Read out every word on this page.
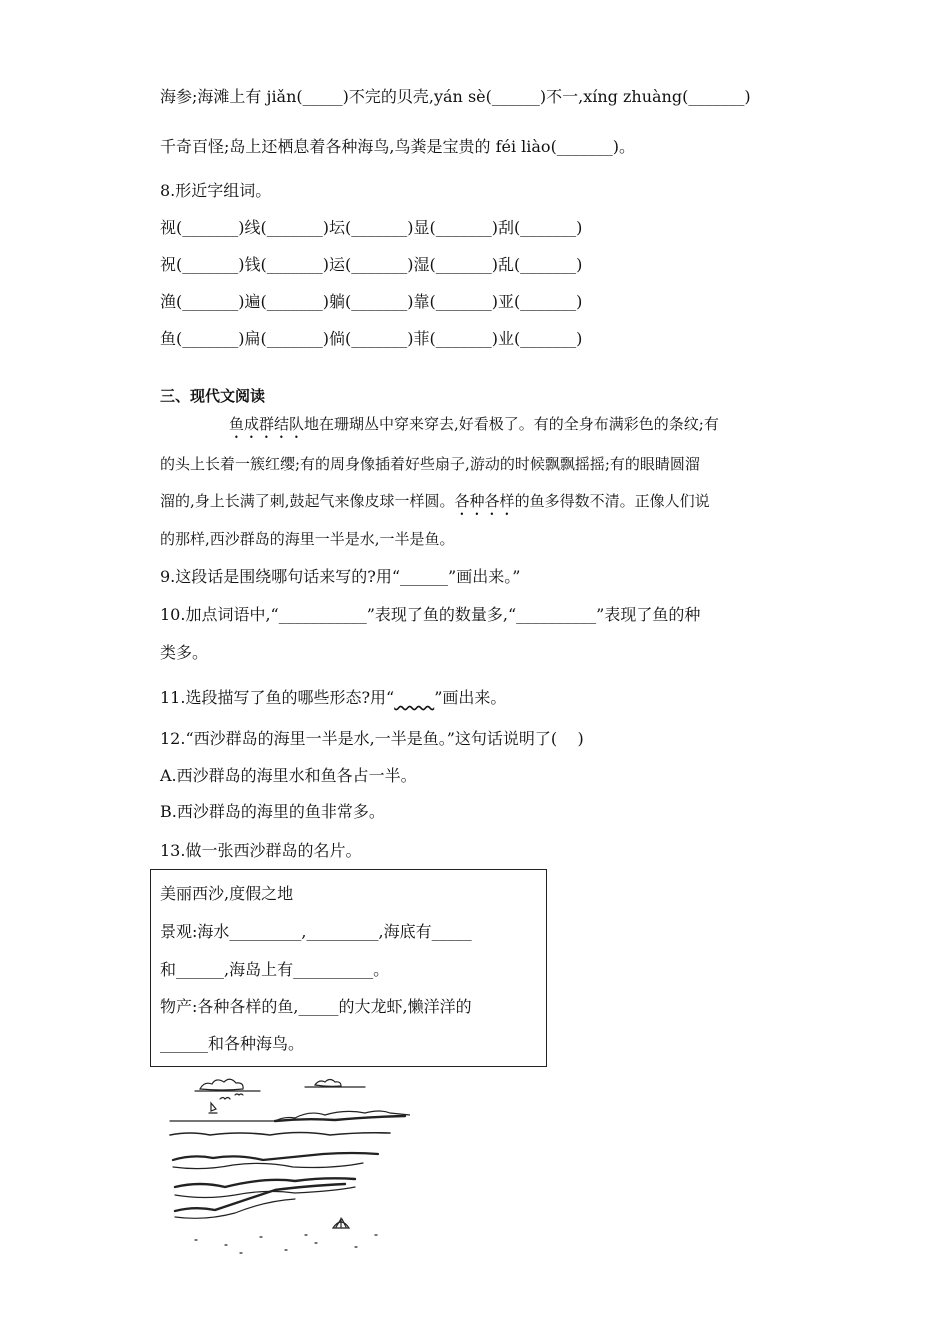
海参;海滩上有 jiǎn(_____)不完的贝壳,yán sè(______)不一,xíng zhuàng(_______)
千奇百怪;岛上还栖息着各种海鸟,鸟粪是宝贵的 féi liào(_______)。
8.形近字组词。
视(_______)线(_______)坛(_______)显(_______)刮(_______)
祝(_______)钱(_______)运(_______)湿(_______)乱(_______)
渔(_______)遍(_______)躺(_______)靠(_______)亚(_______)
鱼(_______)扁(_______)倘(_______)菲(_______)业(_______)
三、现代文阅读
鱼成群结队地在珊瑚丛中穿来穿去,好看极了。有的全身布满彩色的条纹;有
的头上长着一簇红缨;有的周身像插着好些扇子,游动的时候飘飘摇摇;有的眼睛圆溜
溜的,身上长满了刺,鼓起气来像皮球一样圆。各种各样的鱼多得数不清。正像人们说
的那样,西沙群岛的海里一半是水,一半是鱼。
9.这段话是围绕哪句话来写的?用“______”画出来。”
10.加点词语中,“___________”表现了鱼的数量多,“__________”表现了鱼的种
类多。
11.选段描写了鱼的哪些形态?用“	”画出来。
12.“西沙群岛的海里一半是水,一半是鱼。”这句话说明了(    )
A.西沙群岛的海里水和鱼各占一半。
B.西沙群岛的海里的鱼非常多。
13.做一张西沙群岛的名片。
美丽西沙,度假之地
景观:海水_________,_________,海底有_____
和______,海岛上有__________。
物产:各种各样的鱼,_____的大龙虾,懒洋洋的
______和各种海鸟。
